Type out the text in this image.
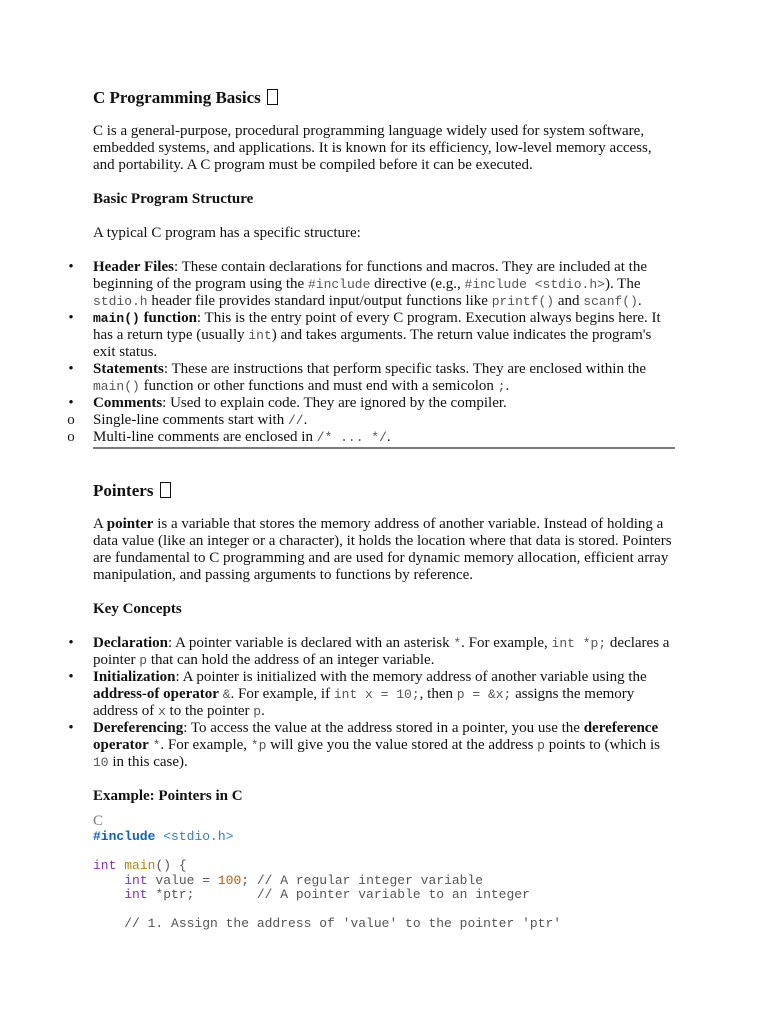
C Programming Basics

C is a general-purpose, procedural programming language widely used for system software, embedded systems, and applications. It is known for its efficiency, low-level memory access, and portability. A C program must be compiled before it can be executed.

Basic Program Structure

A typical C program has a specific structure:

• Header Files: These contain declarations for functions and macros. They are included at the beginning of the program using the #include directive (e.g., #include <stdio.h>). The stdio.h header file provides standard input/output functions like printf() and scanf().
• main() function: This is the entry point of every C program. Execution always begins here. It has a return type (usually int) and takes arguments. The return value indicates the program's exit status.
• Statements: These are instructions that perform specific tasks. They are enclosed within the main() function or other functions and must end with a semicolon ;.
• Comments: Used to explain code. They are ignored by the compiler.
o Single-line comments start with //.
o Multi-line comments are enclosed in /* ... */.
Pointers

A pointer is a variable that stores the memory address of another variable. Instead of holding a data value (like an integer or a character), it holds the location where that data is stored. Pointers are fundamental to C programming and are used for dynamic memory allocation, efficient array manipulation, and passing arguments to functions by reference.

Key Concepts
• Declaration: A pointer variable is declared with an asterisk *. For example, int *p; declares a pointer p that can hold the address of an integer variable.
• Initialization: A pointer is initialized with the memory address of another variable using the address-of operator &. For example, if int x = 10;, then p = &x; assigns the memory address of x to the pointer p.
• Dereferencing: To access the value at the address stored in a pointer, you use the dereference operator *. For example, *p will give you the value stored at the address p points to (which is 10 in this case).
Example: Pointers in C
C
#include <stdio.h>

int main() {
int value = 100; // A regular integer variable
int *ptr;        // A pointer variable to an integer

// 1. Assign the address of 'value' to the pointer 'ptr'
